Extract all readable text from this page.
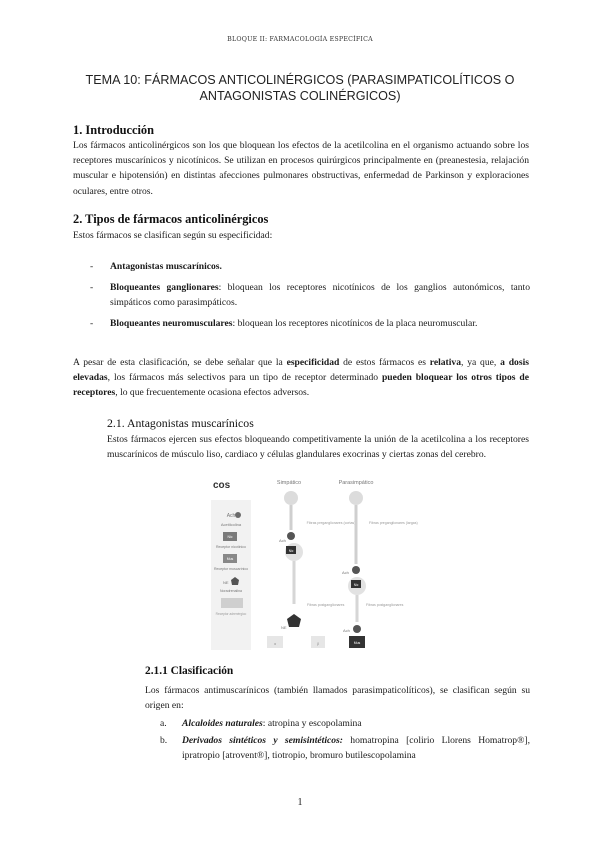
BLOQUE II: FARMACOLOGÍA ESPECÍFICA
TEMA 10: FÁRMACOS ANTICOLINÉRGICOS (PARASIMPATICOLÍTICOS O
ANTAGONISTAS COLINÉRGICOS)
1. Introducción

Los fármacos anticolinérgicos son los que bloquean los efectos de la acetilcolina en el organismo actuando sobre los receptores muscarínicos y nicotínicos. Se utilizan en procesos quirúrgicos principalmente en (preanestesia, relajación muscular e hipotensión) en distintas afecciones pulmonares obstructivas, enfermedad de Parkinson y exploraciones oculares, entre otros.

2. Tipos de fármacos anticolinérgicos

Estos fármacos se clasifican según su especificidad:

- Antagonistas muscarínicos.
- Bloqueantes ganglionares: bloquean los receptores nicotínicos de los ganglios autonómicos, tanto simpáticos como parasimpáticos.
- Bloqueantes neuromusculares: bloquean los receptores nicotínicos de la placa neuromuscular.

A pesar de esta clasificación, se debe señalar que la especificidad de estos fármacos es relativa, ya que, a dosis elevadas, los fármacos más selectivos para un tipo de receptor determinado pueden bloquear los otros tipos de receptores, lo que frecuentemente ocasiona efectos adversos.

2.1. Antagonistas muscarínicos

Estos fármacos ejercen sus efectos bloqueando competitivamente la unión de la acetilcolina a los receptores muscarínicos de músculo liso, cardiaco y células glandulares exocrinas y ciertas zonas del cerebro.

cos
Ach
Acetilcolina
Nic
Receptor nicotínico
Mus
Receptor muscarínico
NE
Noradrenalina
Receptor adrenérgico
Simpático	Parasimpático
Fibras preganglionares (cortas)
Ach
Nic
Fibras postganglionares
NE
α	β
Fibras preganglionares (largas)
Ach
Nic
Fibras postganglionares
Ach
Mus
2.1.1 Clasificación

Los fármacos antimuscarínicos (también llamados parasimpaticolíticos), se clasifican según su origen en:

a. Alcaloides naturales: atropina y escopolamina
b. Derivados sintéticos y semisintéticos: homatropina [colirio Llorens Homatrop®], ipratropio [atrovent®], tiotropio, bromuro butilescopolamina
1
